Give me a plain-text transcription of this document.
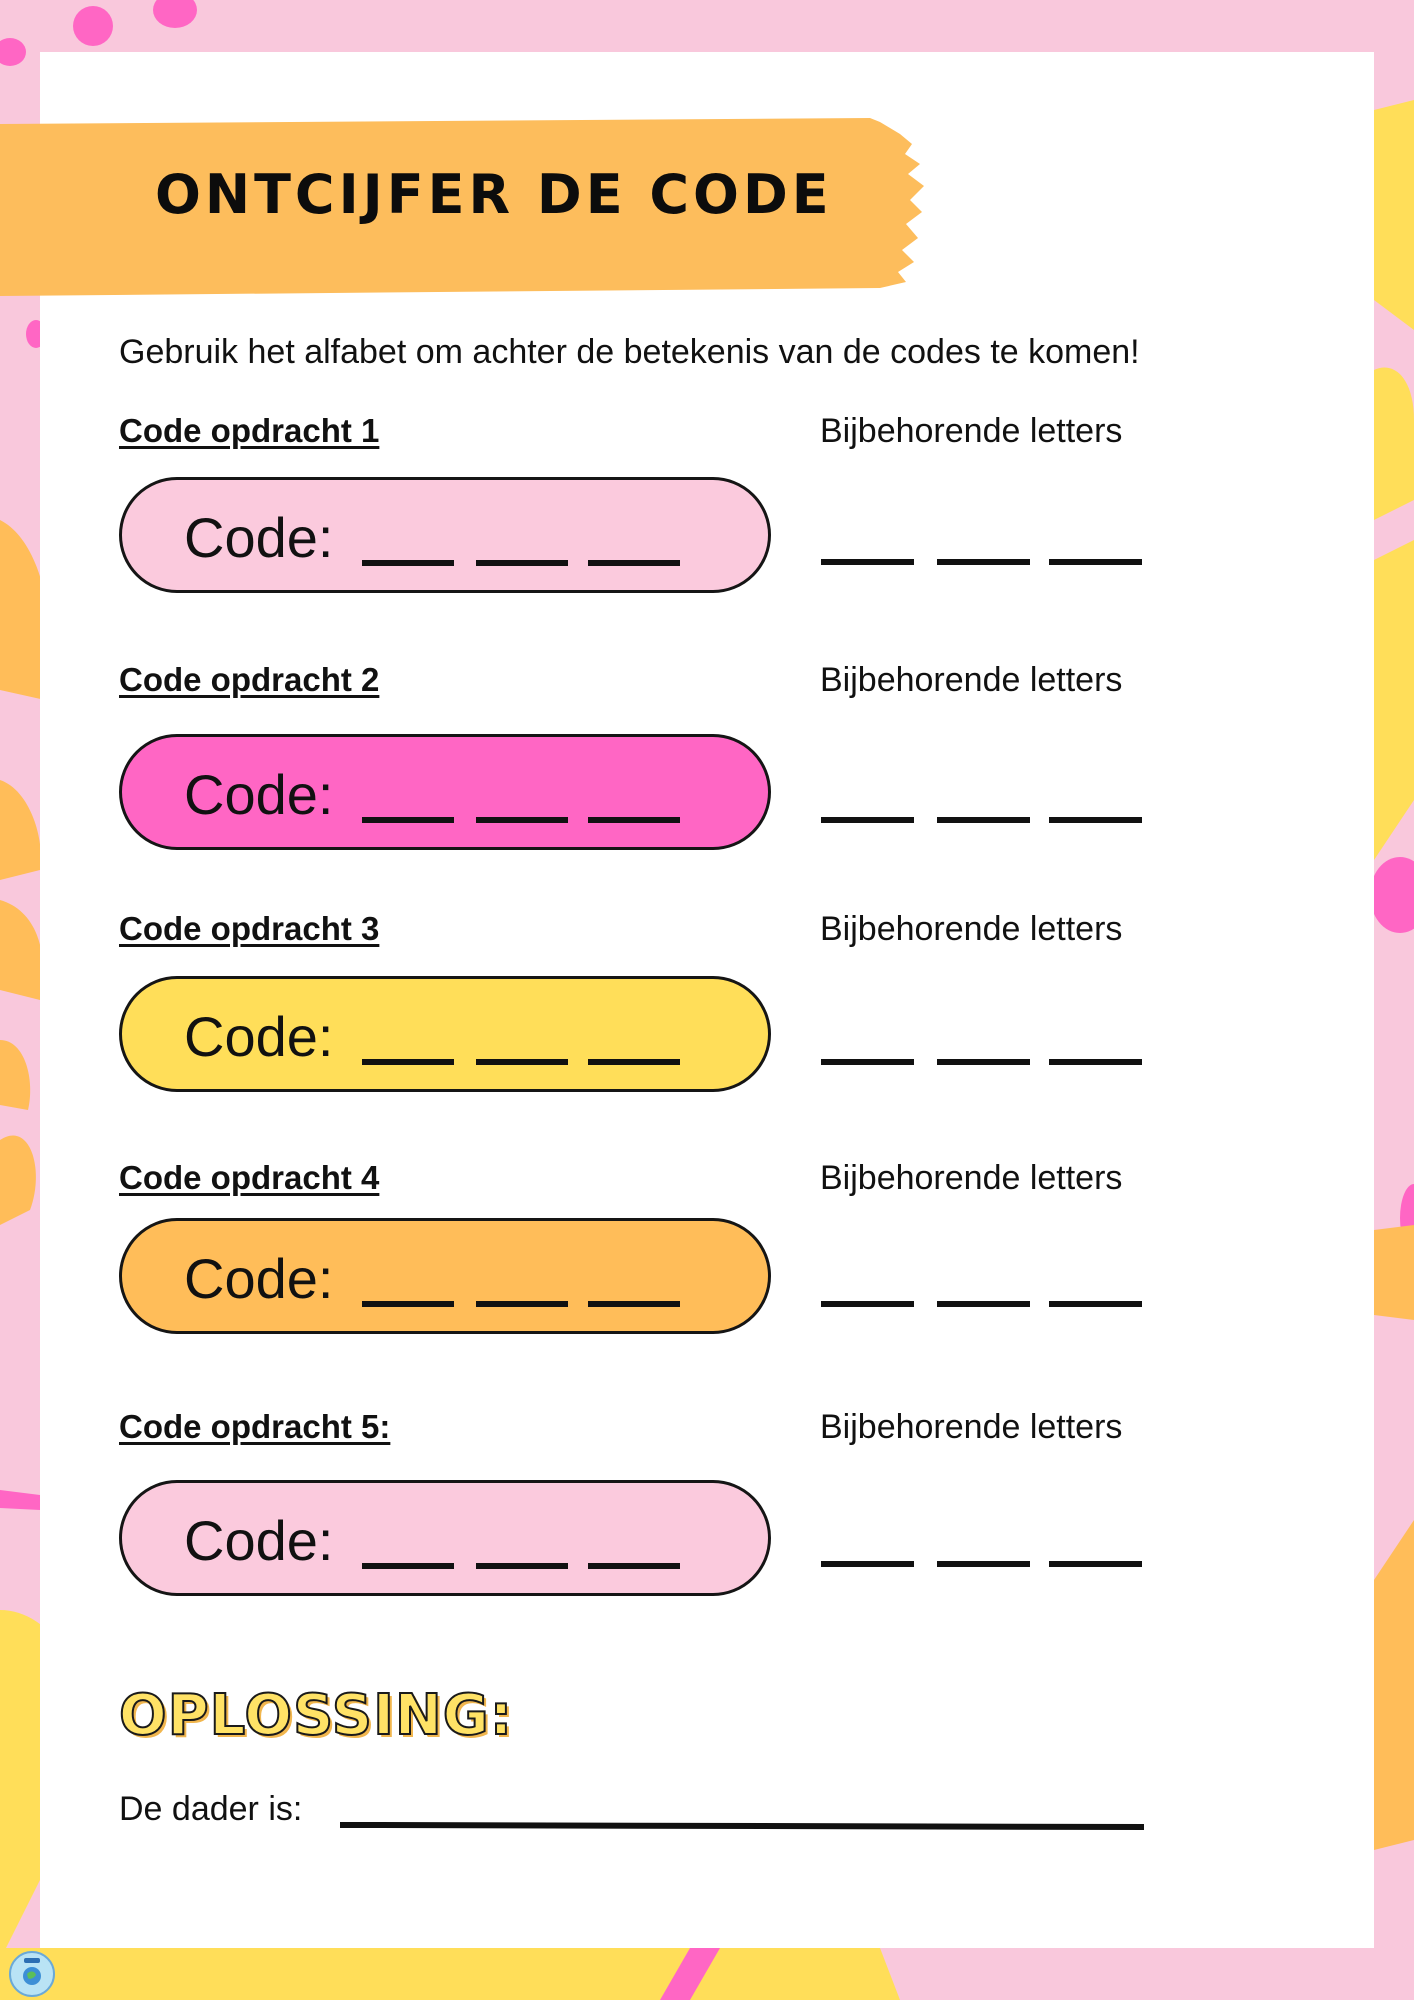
ONTCIJFER DE CODE
Gebruik het alfabet om achter de betekenis van de codes te komen!
Code opdracht 1	Bijbehorende letters
Code:
Code opdracht 2	Bijbehorende letters
Code:
Code opdracht 3	Bijbehorende letters
Code:
Code opdracht 4	Bijbehorende letters
Code:
Code opdracht 5:	Bijbehorende letters
Code:
OPLOSSING:
De dader is:
